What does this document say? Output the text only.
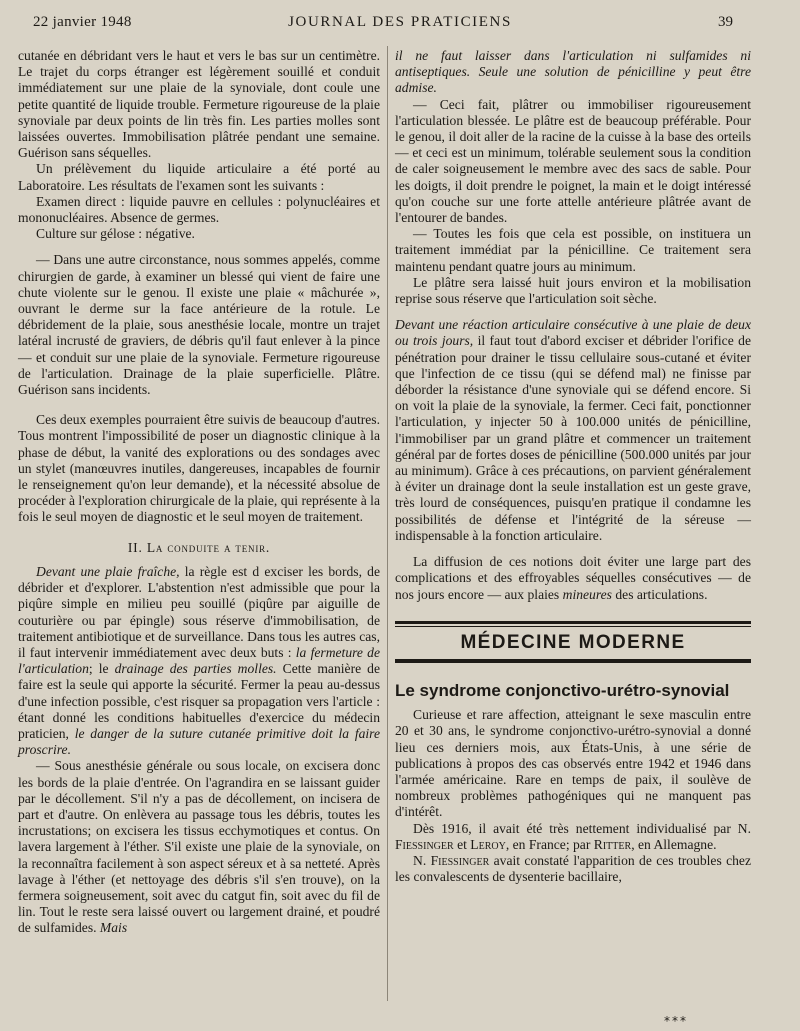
22 janvier 1948	JOURNAL DES PRATICIENS	39

cutanée en débridant vers le haut et vers le bas sur un centimètre. Le trajet du corps étranger est légèrement souillé et conduit immédiatement sur une plaie de la synoviale, dont coule une petite quantité de liquide trouble. Fermeture rigoureuse de la plaie synoviale par deux points de lin très fin. Les parties molles sont laissées ouvertes. Immobilisation plâtrée pendant une semaine. Guérison sans séquelles.

Un prélèvement du liquide articulaire a été porté au Laboratoire. Les résultats de l'examen sont les suivants :

Examen direct : liquide pauvre en cellules : polynucléaires et mononucléaires. Absence de germes.

Culture sur gélose : négative.

— Dans une autre circonstance, nous sommes appelés, comme chirurgien de garde, à examiner un blessé qui vient de faire une chute violente sur le genou. Il existe une plaie « mâchurée », ouvrant le derme sur la face antérieure de la rotule. Le débridement de la plaie, sous anesthésie locale, montre un trajet latéral incrusté de graviers, de débris qu'il faut enlever à la pince — et conduit sur une plaie de la synoviale. Fermeture rigoureuse de l'articulation. Drainage de la plaie superficielle. Plâtre. Guérison sans incidents.

Ces deux exemples pourraient être suivis de beaucoup d'autres. Tous montrent l'impossibilité de poser un diagnostic clinique à la phase de début, la vanité des explorations ou des sondages avec un stylet (manœuvres inutiles, dangereuses, incapables de fournir le renseignement qu'on leur demande), et la nécessité absolue de procéder à l'exploration chirurgicale de la plaie, qui représente à la fois le seul moyen de diagnostic et le seul moyen de traitement.

II. La conduite a tenir.

Devant une plaie fraîche, la règle est d exciser les bords, de débrider et d'explorer. L'abstention n'est admissible que pour la piqûre simple en milieu peu souillé (piqûre par aiguille de couturière ou par épingle) sous réserve d'immobilisation, de traitement antibiotique et de surveillance. Dans tous les autres cas, il faut intervenir immédiatement avec deux buts : la fermeture de l'articulation; le drainage des parties molles. Cette manière de faire est la seule qui apporte la sécurité. Fermer la peau au-dessus d'une infection possible, c'est risquer sa propagation vers l'article : étant donné les conditions habituelles d'exercice du médecin praticien, le danger de la suture cutanée primitive doit la faire proscrire.

— Sous anesthésie générale ou sous locale, on excisera donc les bords de la plaie d'entrée. On l'agrandira en se laissant guider par le décollement. S'il n'y a pas de décollement, on incisera de part et d'autre. On enlèvera au passage tous les débris, toutes les incrustations; on excisera les tissus ecchymotiques et contus. On lavera largement à l'éther. S'il existe une plaie de la synoviale, on la reconnaîtra facilement à son aspect séreux et à sa netteté. Après lavage à l'éther (et nettoyage des débris s'il s'en trouve), on la fermera soigneusement, soit avec du catgut fin, soit avec du fil de lin. Tout le reste sera laissé ouvert ou largement drainé, et poudré de sulfamides. Mais

il ne faut laisser dans l'articulation ni sulfamides ni antiseptiques. Seule une solution de pénicilline y peut être admise.

— Ceci fait, plâtrer ou immobiliser rigoureusement l'articulation blessée. Le plâtre est de beaucoup préférable. Pour le genou, il doit aller de la racine de la cuisse à la base des orteils — et ceci est un minimum, tolérable seulement sous la condition de caler soigneusement le membre avec des sacs de sable. Pour les doigts, il doit prendre le poignet, la main et le doigt intéressé qu'on couche sur une forte attelle antérieure plâtrée avant de l'entourer de bandes.

— Toutes les fois que cela est possible, on instituera un traitement immédiat par la pénicilline. Ce traitement sera maintenu pendant quatre jours au minimum.

Le plâtre sera laissé huit jours environ et la mobilisation reprise sous réserve que l'articulation soit sèche.

Devant une réaction articulaire consécutive à une plaie de deux ou trois jours, il faut tout d'abord exciser et débrider l'orifice de pénétration pour drainer le tissu cellulaire sous-cutané et éviter que l'infection de ce tissu (qui se défend mal) ne finisse par déborder la résistance d'une synoviale qui se défend encore. Si on voit la plaie de la synoviale, la fermer. Ceci fait, ponctionner l'articulation, y injecter 50 à 100.000 unités de pénicilline, l'immobiliser par un grand plâtre et commencer un traitement général par de fortes doses de pénicilline (500.000 unités par jour au minimum). Grâce à ces précautions, on parvient généralement à éviter un drainage dont la seule installation est un geste grave, très lourd de conséquences, puisqu'en pratique il condamne les possibilités de défense et l'intégrité de la séreuse — indispensable à la fonction articulaire.

La diffusion de ces notions doit éviter une large part des complications et des effroyables séquelles consécutives — de nos jours encore — aux plaies mineures des articulations.

MÉDECINE MODERNE
Le syndrome conjonctivo-urétro-synovial

Curieuse et rare affection, atteignant le sexe masculin entre 20 et 30 ans, le syndrome conjonctivo-urétro-synovial a donné lieu ces derniers mois, aux États-Unis, à une série de publications à propos des cas observés entre 1942 et 1946 dans l'armée américaine. Rare en temps de paix, il soulève de nombreux problèmes pathogéniques qui ne manquent pas d'intérêt.

Dès 1916, il avait été très nettement individualisé par N. Fiessinger et Leroy, en France; par Ritter, en Allemagne.

N. Fiessinger avait constaté l'apparition de ces troubles chez les convalescents de dysenterie bacillaire,

***
